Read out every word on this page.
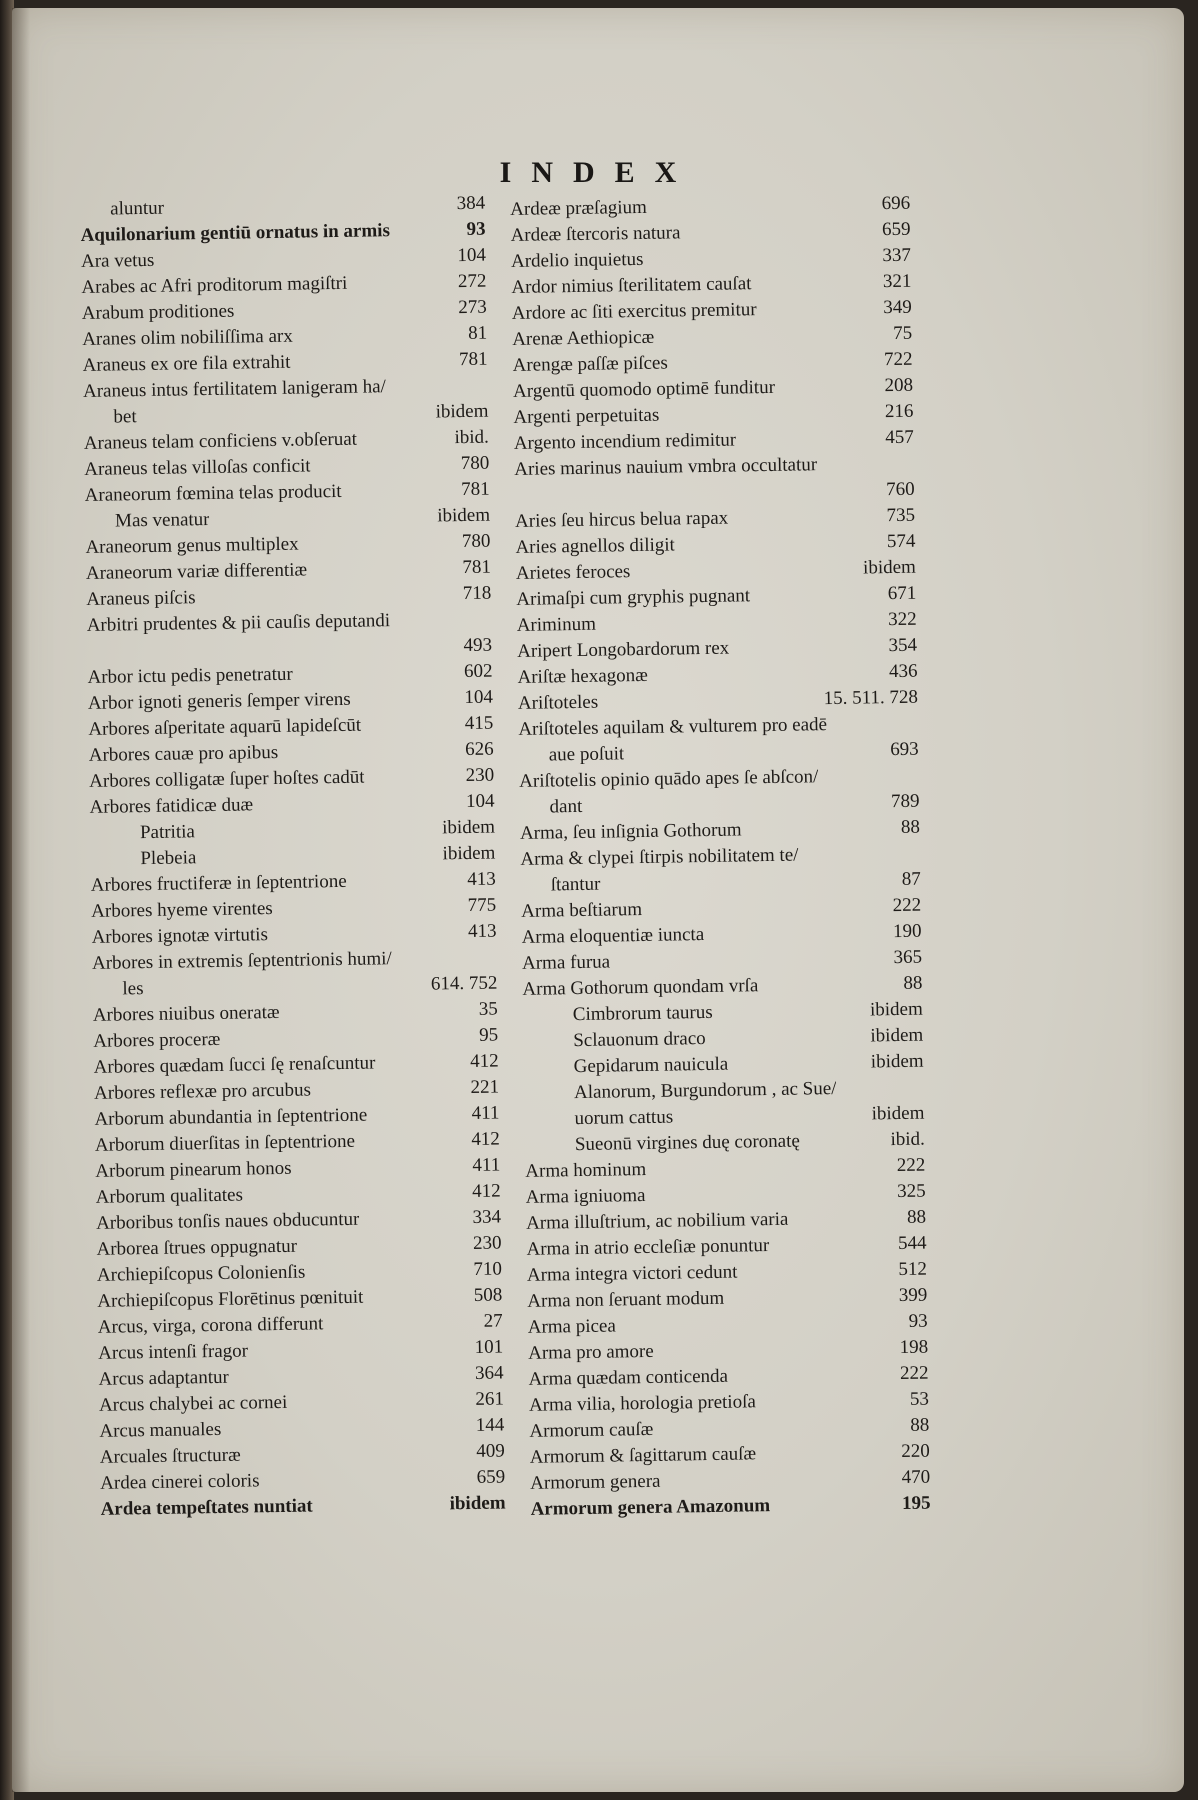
INDEX
aluntur	384
Aquilonarium gentiū ornatus in armis	93
Ara vetus	104
Arabes ac Afri proditorum magiſtri	272
Arabum proditiones	273
Aranes olim nobiliſſima arx	81
Araneus ex ore fila extrahit	781
Araneus intus fertilitatem lanigeram ha/
bet	ibidem
Araneus telam conficiens v.obſeruat	ibid.
Araneus telas villoſas conficit	780
Araneorum fœmina telas producit	781
Mas venatur	ibidem
Araneorum genus multiplex	780
Araneorum variæ differentiæ	781
Araneus piſcis	718
Arbitri prudentes & pii cauſis deputandi
493
Arbor ictu pedis penetratur	602
Arbor ignoti generis ſemper virens	104
Arbores aſperitate aquarū lapideſcūt	415
Arbores cauæ pro apibus	626
Arbores colligatæ ſuper hoſtes cadūt	230
Arbores fatidicæ duæ	104
Patritia	ibidem
Plebeia	ibidem
Arbores fructiferæ in ſeptentrione	413
Arbores hyeme virentes	775
Arbores ignotæ virtutis	413
Arbores in extremis ſeptentrionis humi/
les	614. 752
Arbores niuibus oneratæ	35
Arbores proceræ	95
Arbores quædam ſucci ſę renaſcuntur	412
Arbores reflexæ pro arcubus	221
Arborum abundantia in ſeptentrione	411
Arborum diuerſitas in ſeptentrione	412
Arborum pinearum honos	411
Arborum qualitates	412
Arboribus tonſis naues obducuntur	334
Arborea ſtrues oppugnatur	230
Archiepiſcopus Colonienſis	710
Archiepiſcopus Florētinus pœnituit	508
Arcus, virga, corona differunt	27
Arcus intenſi fragor	101
Arcus adaptantur	364
Arcus chalybei ac cornei	261
Arcus manuales	144
Arcuales ſtructuræ	409
Ardea cinerei coloris	659
Ardea tempeſtates nuntiat	ibidem
Ardeæ præſagium	696
Ardeæ ſtercoris natura	659
Ardelio inquietus	337
Ardor nimius ſterilitatem cauſat	321
Ardore ac ſiti exercitus premitur	349
Arenæ Aethiopicæ	75
Arengæ paſſæ piſces	722
Argentū quomodo optimē funditur	208
Argenti perpetuitas	216
Argento incendium redimitur	457
Aries marinus nauium vmbra occultatur
760
Aries ſeu hircus belua rapax	735
Aries agnellos diligit	574
Arietes feroces	ibidem
Arimaſpi cum gryphis pugnant	671
Ariminum	322
Aripert Longobardorum rex	354
Ariſtæ hexagonæ	436
Ariſtoteles	15. 511. 728
Ariſtoteles aquilam & vulturem pro eadē
aue poſuit	693
Ariſtotelis opinio quādo apes ſe abſcon/
dant	789
Arma, ſeu inſignia Gothorum	88
Arma & clypei ſtirpis nobilitatem te/
ſtantur	87
Arma beſtiarum	222
Arma eloquentiæ iuncta	190
Arma furua	365
Arma Gothorum quondam vrſa	88
Cimbrorum taurus	ibidem
Sclauonum draco	ibidem
Gepidarum nauicula	ibidem
Alanorum, Burgundorum , ac Sue/
uorum cattus	ibidem
Sueonū virgines duę coronatę	ibid.
Arma hominum	222
Arma igniuoma	325
Arma illuſtrium, ac nobilium varia	88
Arma in atrio eccleſiæ ponuntur	544
Arma integra victori cedunt	512
Arma non ſeruant modum	399
Arma picea	93
Arma pro amore	198
Arma quædam conticenda	222
Arma vilia, horologia pretioſa	53
Armorum cauſæ	88
Armorum & ſagittarum cauſæ	220
Armorum genera	470
Armorum genera Amazonum	195
